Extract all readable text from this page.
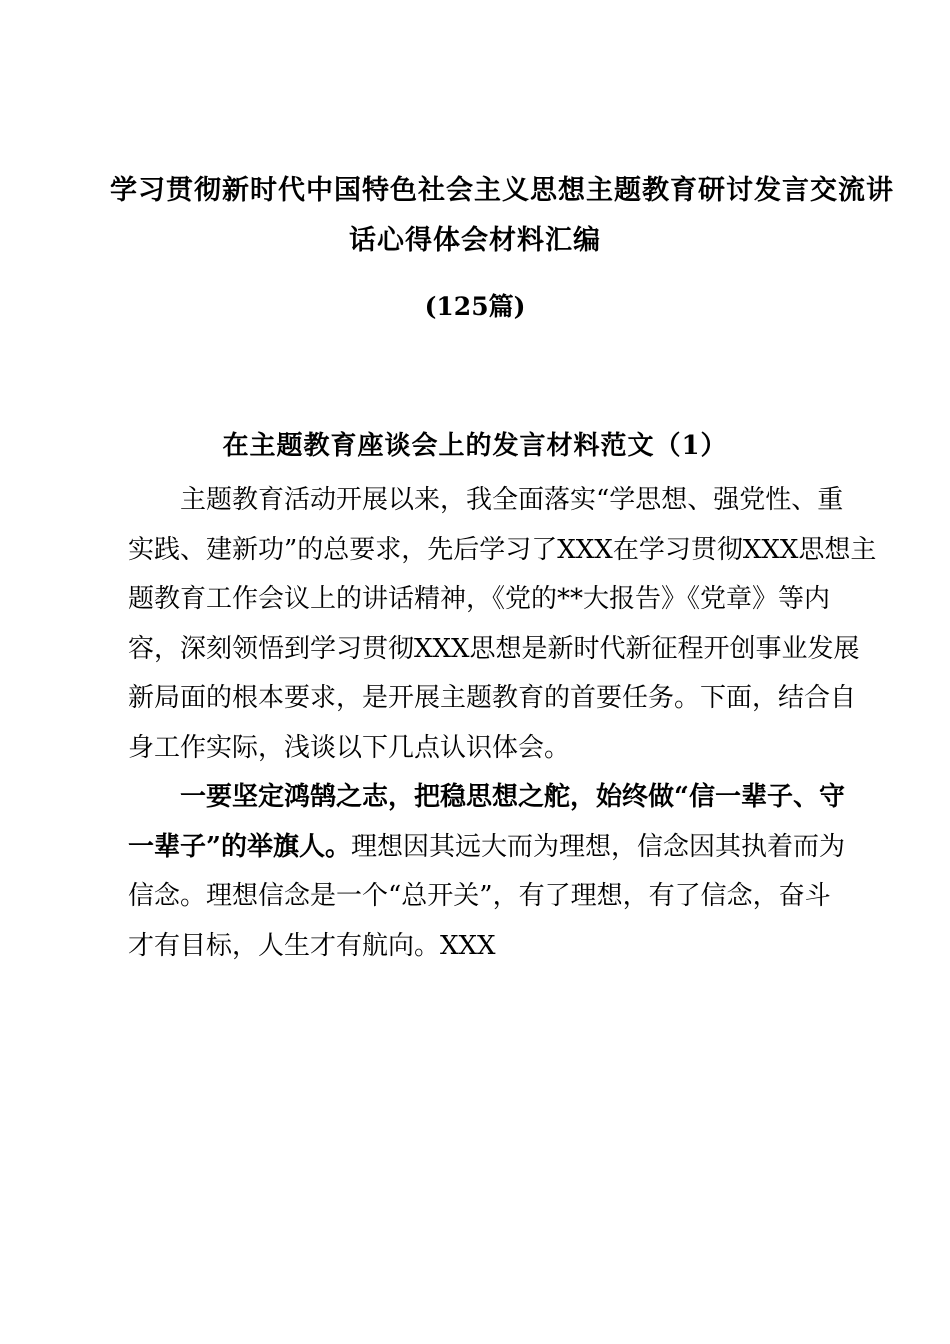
学习贯彻新时代中国特色社会主义思想主题教育研讨发言交流讲
话心得体会材料汇编
(125篇)
在主题教育座谈会上的发言材料范文（1）
主题教育活动开展以来，我全面落实“学思想、强党性、重
实践、建新功”的总要求，先后学习了XXX在学习贯彻XXX思想主
题教育工作会议上的讲话精神，《党的**大报告》《党章》等内
容，深刻领悟到学习贯彻XXX思想是新时代新征程开创事业发展
新局面的根本要求，是开展主题教育的首要任务。下面，结合自
身工作实际，浅谈以下几点认识体会。
一要坚定鸿鹄之志，把稳思想之舵，始终做“信一辈子、守
一辈子”的举旗人。理想因其远大而为理想，信念因其执着而为
信念。理想信念是一个“总开关”，有了理想，有了信念，奋斗
才有目标，人生才有航向。XXX
